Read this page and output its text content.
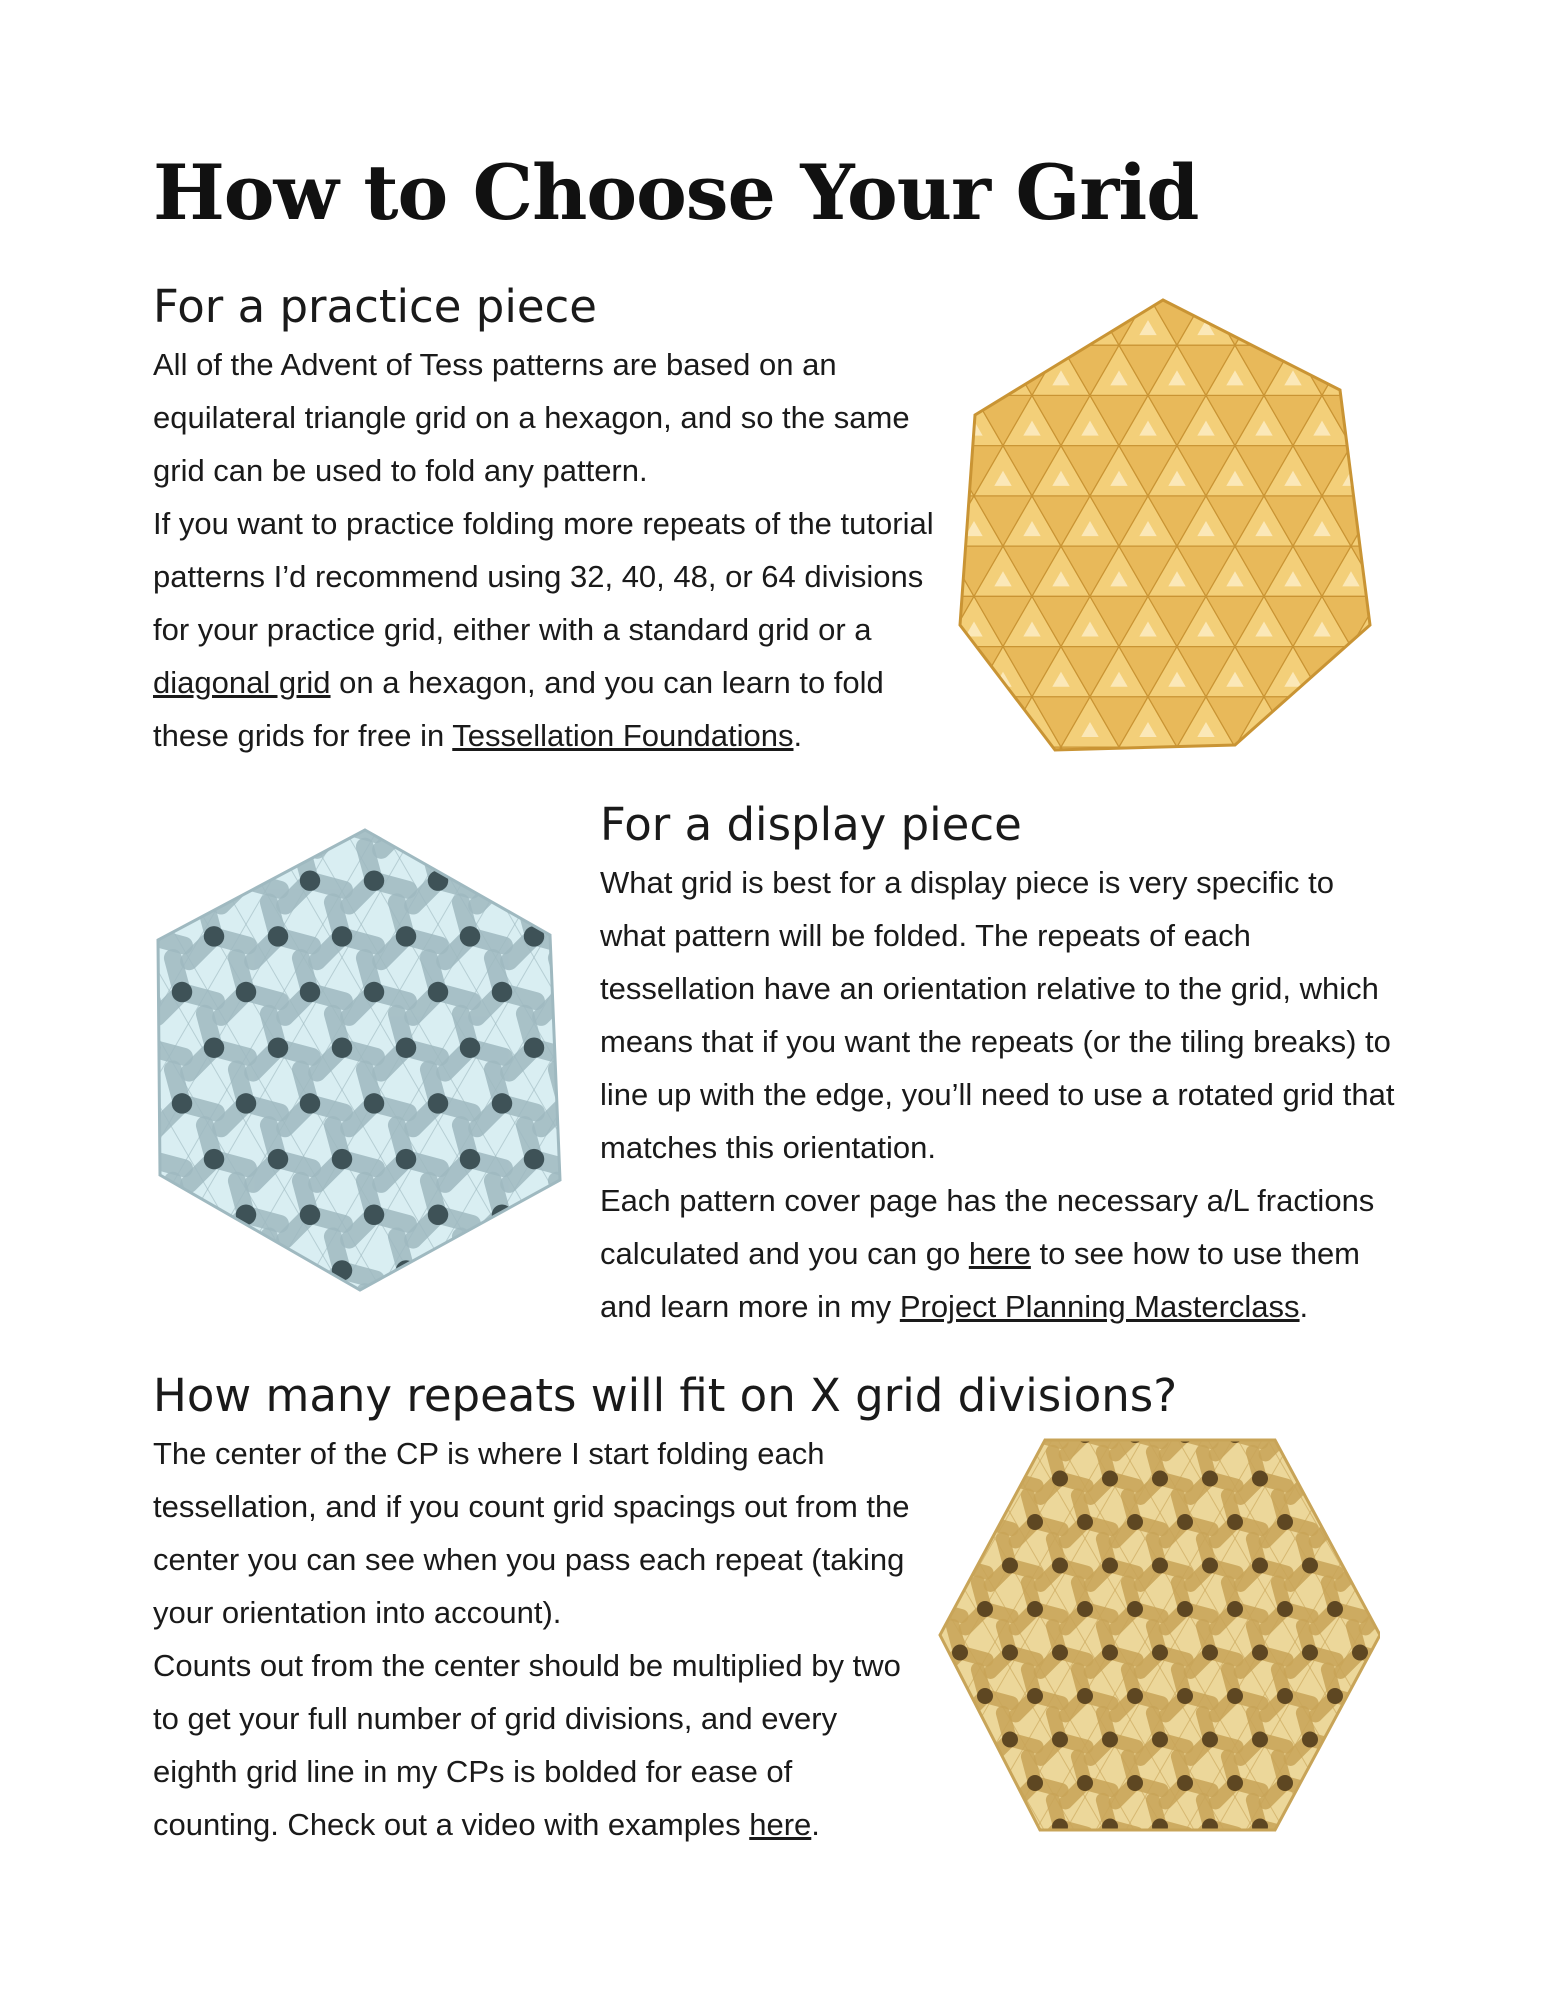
How to Choose Your Grid
For a practice piece

All of the Advent of Tess patterns are based on an equilateral triangle grid on a hexagon, and so the same grid can be used to fold any pattern.

If you want to practice folding more repeats of the tutorial patterns I’d recommend using 32, 40, 48, or 64 divisions for your practice grid, either with a standard grid or a diagonal grid on a hexagon, and you can learn to fold these grids for free in Tessellation Foundations.

For a display piece

What grid is best for a display piece is very specific to what pattern will be folded. The repeats of each tessellation have an orientation relative to the grid, which means that if you want the repeats (or the tiling breaks) to line up with the edge, you’ll need to use a rotated grid that matches this orientation.

Each pattern cover page has the necessary a/L fractions calculated and you can go here to see how to use them and learn more in my Project Planning Masterclass.

How many repeats will fit on X grid divisions?

The center of the CP is where I start folding each tessellation, and if you count grid spacings out from the center you can see when you pass each repeat (taking your orientation into account).

Counts out from the center should be multiplied by two to get your full number of grid divisions, and every eighth grid line in my CPs is bolded for ease of counting. Check out a video with examples here.
